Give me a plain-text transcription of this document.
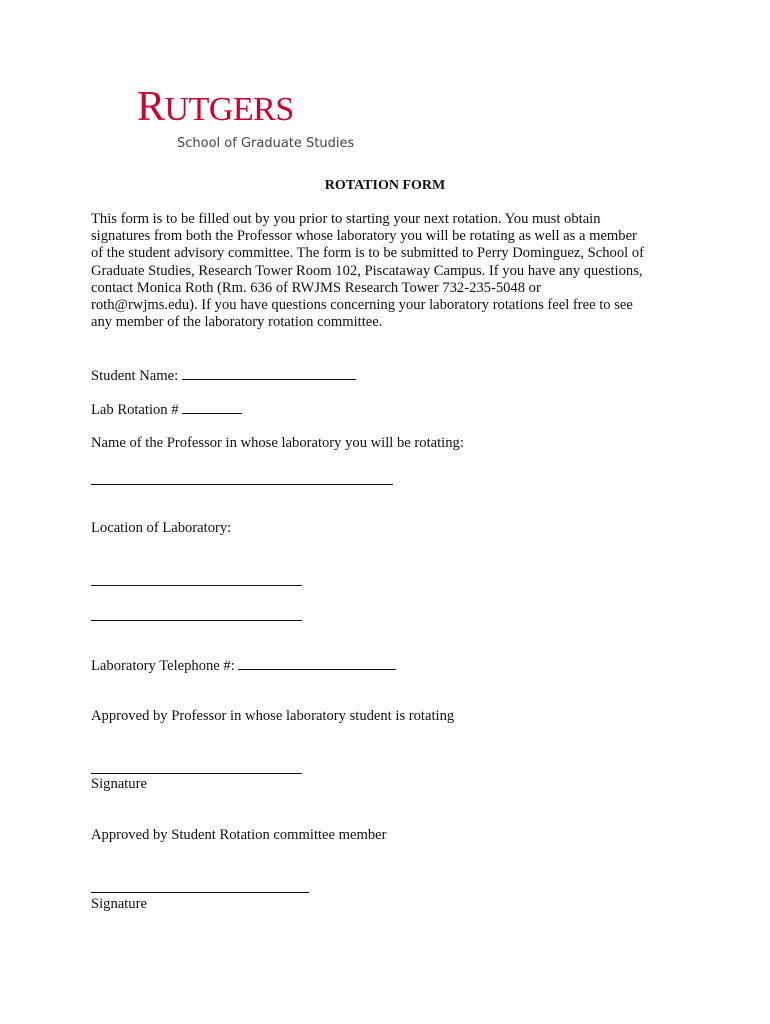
RUTGERS
School of Graduate Studies
ROTATION FORM

This form is to be filled out by you prior to starting your next rotation. You must obtain signatures from both the Professor whose laboratory you will be rotating as well as a member of the student advisory committee. The form is to be submitted to Perry Dominguez, School of Graduate Studies, Research Tower Room 102, Piscataway Campus. If you have any questions, contact Monica Roth (Rm. 636 of RWJMS Research Tower 732-235-5048 or roth@rwjms.edu). If you have questions concerning your laboratory rotations feel free to see any member of the laboratory rotation committee.

Student Name:
Lab Rotation #
Name of the Professor in whose laboratory you will be rotating:
Location of Laboratory:
Laboratory Telephone #:
Approved by Professor in whose laboratory student is rotating
Signature
Approved by Student Rotation committee member
Signature
